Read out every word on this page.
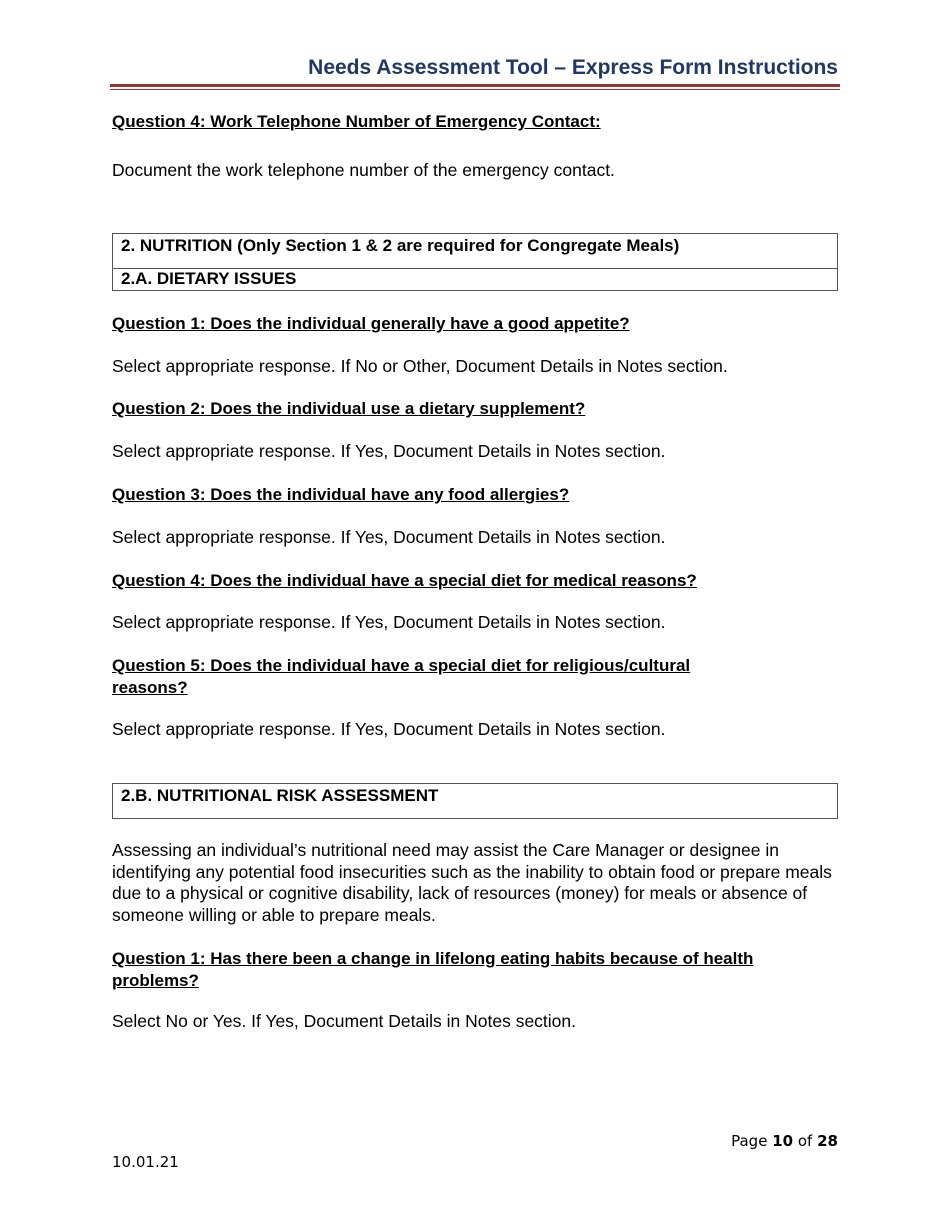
Needs Assessment Tool – Express Form Instructions
Question 4: Work Telephone Number of Emergency Contact:
Document the work telephone number of the emergency contact.
2. NUTRITION (Only Section 1 & 2 are required for Congregate Meals)
2.A. DIETARY ISSUES
Question 1: Does the individual generally have a good appetite?
Select appropriate response. If No or Other, Document Details in Notes section.
Question 2: Does the individual use a dietary supplement?
Select appropriate response. If Yes, Document Details in Notes section.
Question 3: Does the individual have any food allergies?
Select appropriate response. If Yes, Document Details in Notes section.
Question 4: Does the individual have a special diet for medical reasons?
Select appropriate response. If Yes, Document Details in Notes section.
Question 5: Does the individual have a special diet for religious/cultural reasons?
Select appropriate response. If Yes, Document Details in Notes section.
2.B. NUTRITIONAL RISK ASSESSMENT
Assessing an individual’s nutritional need may assist the Care Manager or designee in identifying any potential food insecurities such as the inability to obtain food or prepare meals due to a physical or cognitive disability, lack of resources (money) for meals or absence of someone willing or able to prepare meals.
Question 1: Has there been a change in lifelong eating habits because of health problems?
Select No or Yes. If Yes, Document Details in Notes section.
Page 10 of 28
10.01.21
